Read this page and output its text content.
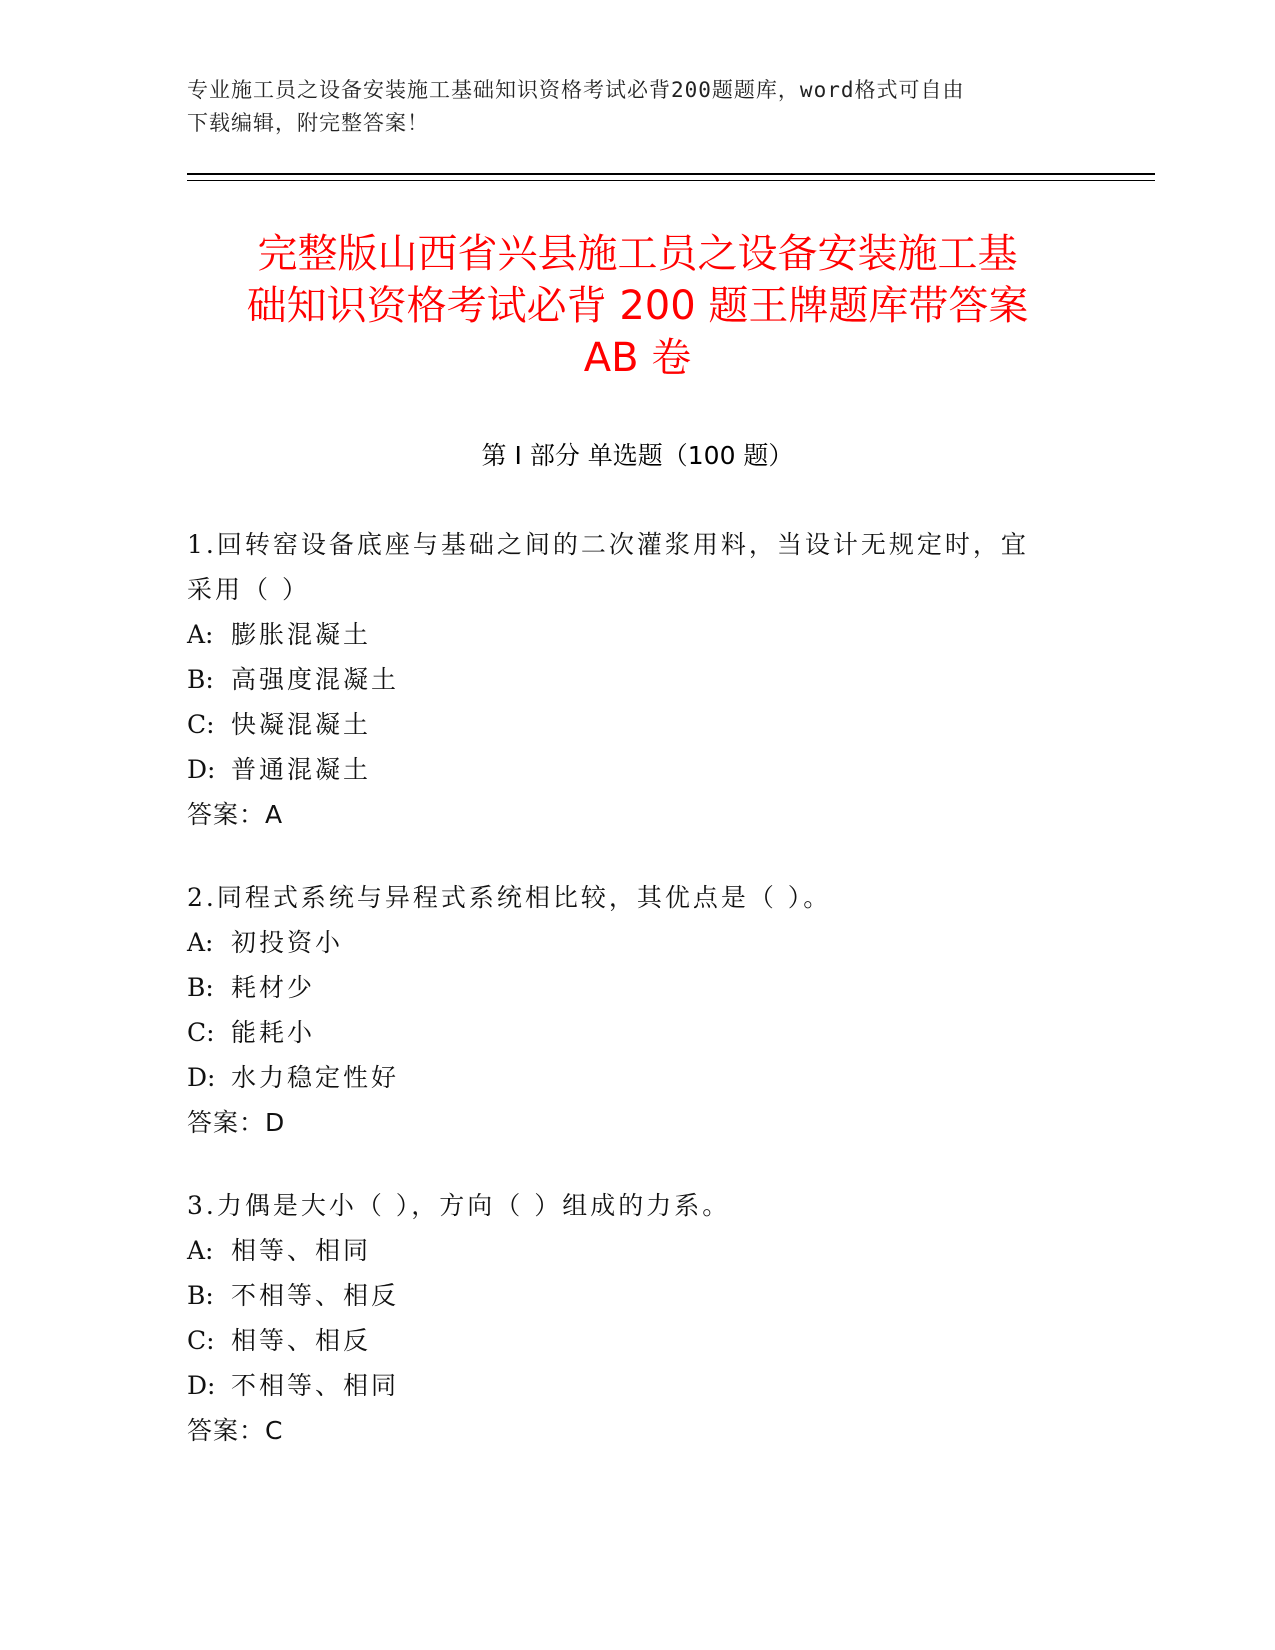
专业施工员之设备安装施工基础知识资格考试必背200题题库，word格式可自由
下载编辑，附完整答案！
完整版山西省兴县施工员之设备安装施工基
础知识资格考试必背 200 题王牌题库带答案
AB 卷
第 I 部分 单选题（100 题）
1.回转窑设备底座与基础之间的二次灌浆用料，当设计无规定时，宜
采用（ ）
A: 膨胀混凝土
B: 高强度混凝土
C: 快凝混凝土
D: 普通混凝土
答案：A
2.同程式系统与异程式系统相比较，其优点是（ ）。
A: 初投资小
B: 耗材少
C: 能耗小
D: 水力稳定性好
答案：D
3.力偶是大小（ ），方向（ ）组成的力系。
A: 相等、相同
B: 不相等、相反
C: 相等、相反
D: 不相等、相同
答案：C
